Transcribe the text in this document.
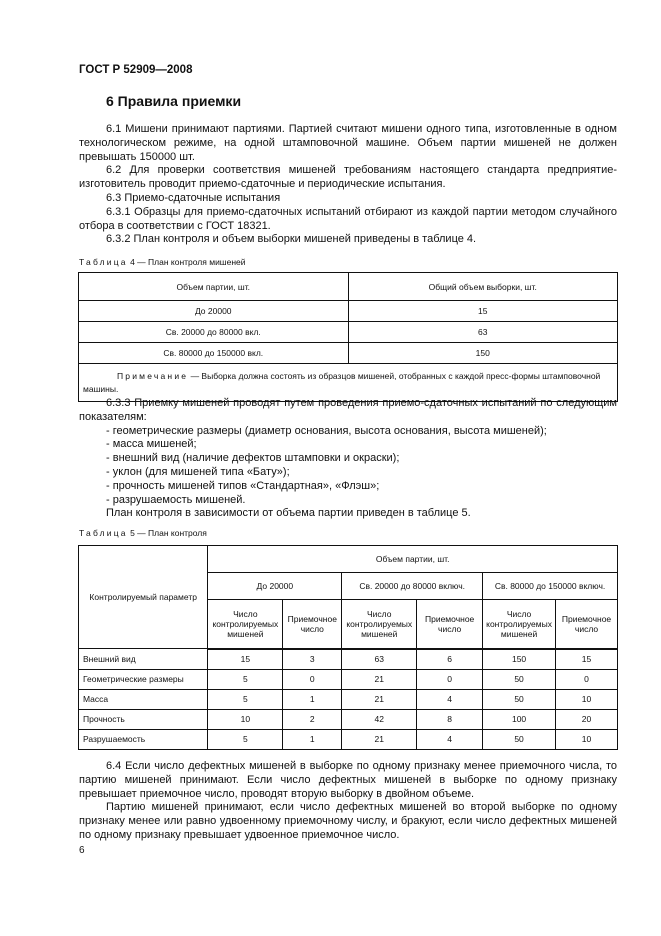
ГОСТ Р 52909—2008
6 Правила приемки

6.1 Мишени принимают партиями. Партией считают мишени одного типа, изготовленные в одном технологическом режиме, на одной штамповочной машине. Объем партии мишеней не должен превышать 150000 шт.

6.2 Для проверки соответствия мишеней требованиям настоящего стандарта предприятие-изготовитель проводит приемо-сдаточные и периодические испытания.

6.3 Приемо-сдаточные испытания

6.3.1 Образцы для приемо-сдаточных испытаний отбирают из каждой партии методом случайного отбора в соответствии с ГОСТ 18321.

6.3.2 План контроля и объем выборки мишеней приведены в таблице 4.

Таблица 4 — План контроля мишеней
Объем партии, шт.	Общий объем выборки, шт.
До 20000	15
Св. 20000 до 80000 вкл.	63
Св. 80000 до 150000 вкл.	150

Примечание — Выборка должна состоять из образцов мишеней, отобранных с каждой пресс-формы штамповочной машины.	

6.3.3 Приемку мишеней проводят путем проведения приемо-сдаточных испытаний по следующим показателям:

- геометрические размеры (диаметр основания, высота основания, высота мишеней);

- масса мишеней;

- внешний вид (наличие дефектов штамповки и окраски);

- уклон (для мишеней типа «Бату»);

- прочность мишеней типов «Стандартная», «Флэш»;

- разрушаемость мишеней.

План контроля в зависимости от объема партии приведен в таблице 5.

Таблица 5 — План контроля
Контролируемый параметр	Объем партии, шт.					
	До 20000		Св. 20000 до 80000 включ.		Св. 80000 до 150000 включ.	
	Число контролируемых мишеней	Приемочное число	Число контролируемых мишеней	Приемочное число	Число контролируемых мишеней	Приемочное число
Внешний вид	15	3	63	6	150	15
Геометрические размеры	5	0	21	0	50	0
Масса	5	1	21	4	50	10
Прочность	10	2	42	8	100	20
Разрушаемость	5	1	21	4	50	10

6.4 Если число дефектных мишеней в выборке по одному признаку менее приемочного числа, то партию мишеней принимают. Если число дефектных мишеней в выборке по одному признаку превышает приемочное число, проводят вторую выборку в двойном объеме.

Партию мишеней принимают, если число дефектных мишеней во второй выборке по одному признаку менее или равно удвоенному приемочному числу, и бракуют, если число дефектных мишеней по одному признаку превышает удвоенное приемочное число.

6
